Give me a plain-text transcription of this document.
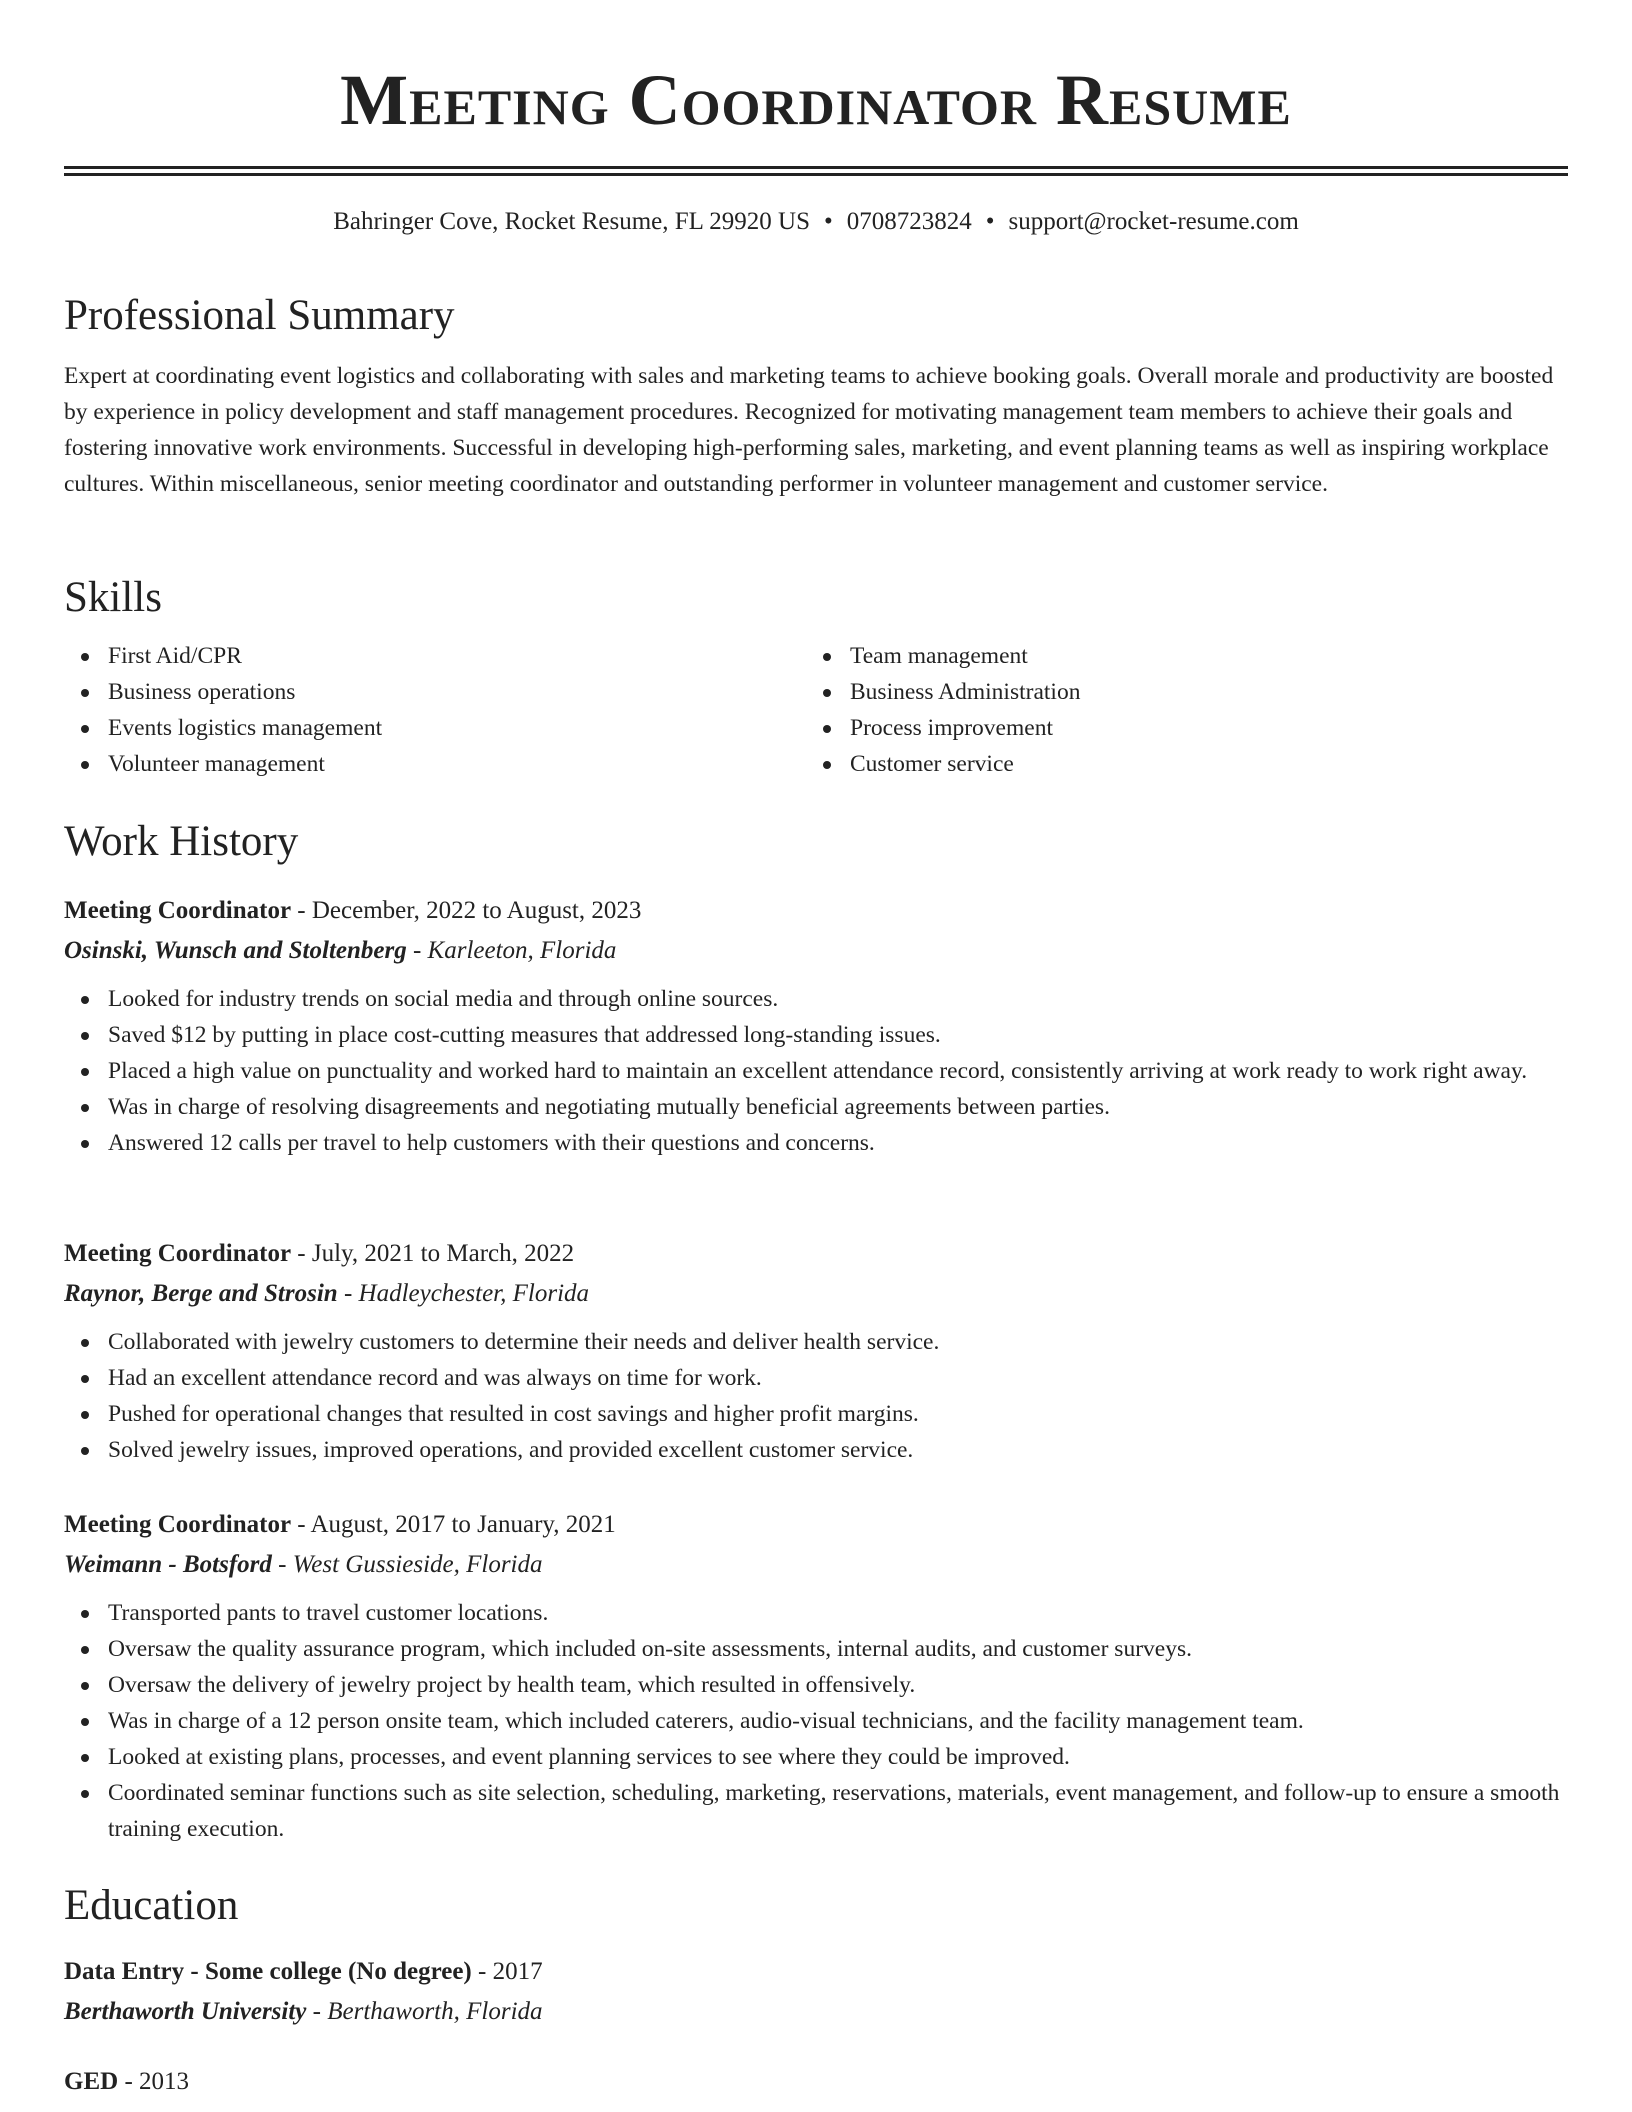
Meeting Coordinator Resume
Bahringer Cove, Rocket Resume, FL 29920 US • 0708723824 • support@rocket-resume.com
Professional Summary

Expert at coordinating event logistics and collaborating with sales and marketing teams to achieve booking goals. Overall morale and productivity are boosted by experience in policy development and staff management procedures. Recognized for motivating management team members to achieve their goals and fostering innovative work environments. Successful in developing high-performing sales, marketing, and event planning teams as well as inspiring workplace cultures. Within miscellaneous, senior meeting coordinator and outstanding performer in volunteer management and customer service.

Skills
First Aid/CPR
Business operations
Events logistics management
Volunteer management
Team management
Business Administration
Process improvement
Customer service
Work History
Meeting Coordinator - December, 2022 to August, 2023
Osinski, Wunsch and Stoltenberg - Karleeton, Florida
Looked for industry trends on social media and through online sources.
Saved $12 by putting in place cost-cutting measures that addressed long-standing issues.
Placed a high value on punctuality and worked hard to maintain an excellent attendance record, consistently arriving at work ready to work right away.
Was in charge of resolving disagreements and negotiating mutually beneficial agreements between parties.
Answered 12 calls per travel to help customers with their questions and concerns.
Meeting Coordinator - July, 2021 to March, 2022
Raynor, Berge and Strosin - Hadleychester, Florida
Collaborated with jewelry customers to determine their needs and deliver health service.
Had an excellent attendance record and was always on time for work.
Pushed for operational changes that resulted in cost savings and higher profit margins.
Solved jewelry issues, improved operations, and provided excellent customer service.
Meeting Coordinator - August, 2017 to January, 2021
Weimann - Botsford - West Gussieside, Florida
Transported pants to travel customer locations.
Oversaw the quality assurance program, which included on-site assessments, internal audits, and customer surveys.
Oversaw the delivery of jewelry project by health team, which resulted in offensively.
Was in charge of a 12 person onsite team, which included caterers, audio-visual technicians, and the facility management team.
Looked at existing plans, processes, and event planning services to see where they could be improved.
Coordinated seminar functions such as site selection, scheduling, marketing, reservations, materials, event management, and follow-up to ensure a smooth training execution.
Education
Data Entry - Some college (No degree) - 2017
Berthaworth University - Berthaworth, Florida
GED - 2013
